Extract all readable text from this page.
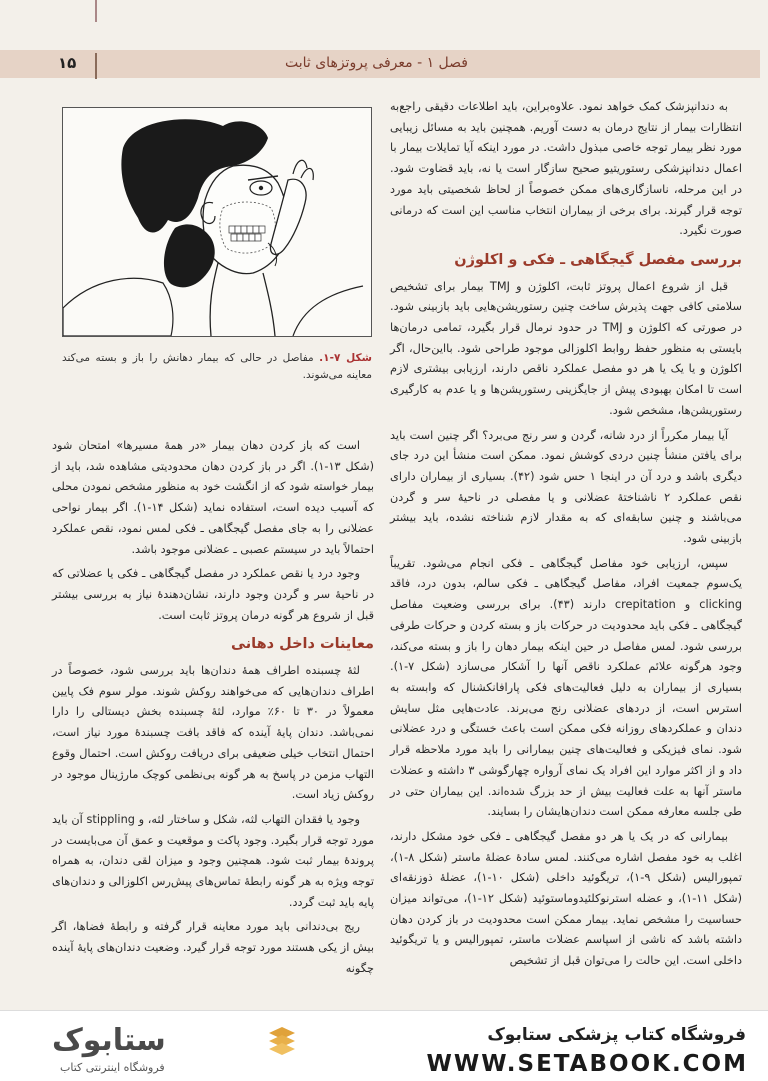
۱۵	فصل ۱ - معرفی پروتزهای ثابت
شکل ۷-۱. مفاصل در حالی که بیمار دهانش را باز و بسته می‌کند معاینه می‌شوند.

به دندانپزشک کمک خواهد نمود. علاوه‌براین، باید اطلاعات دقیقی راجع‌به انتظارات بیمار از نتایج درمان به دست آوریم. همچنین باید به مسائل زیبایی مورد نظر بیمار توجه خاصی مبذول داشت. در مورد اینکه آیا تمایلات بیمار با اعمال دندانپزشکی رستوریتیو صحیح سازگار است یا نه، باید قضاوت شود. در این مرحله، ناسازگاری‌های ممکن خصوصاً از لحاظ شخصیتی باید مورد توجه قرار گیرند. برای برخی از بیماران انتخاب مناسب این است که درمانی صورت نگیرد.

بررسی مفصل گیجگاهی ـ فکی و اکلوژن

قبل از شروع اعمال پروتز ثابت، اکلوژن و TMJ بیمار برای تشخیص سلامتی کافی جهت پذیرش ساخت چنین رستوریشن‌هایی باید بازبینی شود. در صورتی که اکلوژن و TMJ در حدود نرمال قرار بگیرد، تمامی درمان‌ها بایستی به منظور حفظ روابط اکلوزالی موجود طراحی شود. بااین‌حال، اگر اکلوژن و یا یک یا هر دو مفصل عملکرد ناقص دارند، ارزیابی بیشتری لازم است تا امکان بهبودی پیش از جایگزینی رستوریشن‌ها و یا عدم به کارگیری رستوریشن‌ها، مشخص شود.

آیا بیمار مکرراً از درد شانه، گردن و سر رنج می‌برد؟ اگر چنین است باید برای یافتن منشأ چنین دردی کوشش نمود. ممکن است منشأ این درد جای دیگری باشد و درد آن در اینجا ۱ حس شود (۴۲). بسیاری از بیماران دارای نقص عملکرد ۲ ناشناختهٔ عضلانی و یا مفصلی در ناحیهٔ سر و گردن می‌باشند و چنین سابقه‌ای که به مقدار لازم شناخته نشده، باید بیشتر بازبینی شود.

سپس، ارزیابی خود مفاصل گیجگاهی ـ فکی انجام می‌شود. تقریباً یک‌سوم جمعیت افراد، مفاصل گیجگاهی ـ فکی سالم، بدون درد، فاقد clicking و crepitation دارند (۴۳). برای بررسی وضعیت مفاصل گیجگاهی ـ فکی باید محدودیت در حرکات باز و بسته کردن و حرکات طرفی بررسی شود. لمس مفاصل در حین اینکه بیمار دهان را باز و بسته می‌کند، وجود هرگونه علائم عملکرد ناقص آنها را آشکار می‌سازد (شکل ۷-۱). بسیاری از بیماران به دلیل فعالیت‌های فکی پارافانکشنال که وابسته به استرس است، از دردهای عضلانی رنج می‌برند. عادت‌هایی مثل سایش دندان و عملکردهای روزانه فکی ممکن است باعث خستگی و درد عضلانی شود. نمای فیزیکی و فعالیت‌های چنین بیمارانی را باید مورد ملاحظه قرار داد و از اکثر موارد این افراد یک نمای آرواره چهارگوشی ۳ داشته و عضلات ماستر آنها به علت فعالیت بیش از حد بزرگ شده‌اند. این بیماران حتی در طی جلسه معارفه ممکن است دندان‌هایشان را بسایند.

بیمارانی که در یک یا هر دو مفصل گیجگاهی ـ فکی خود مشکل دارند، اغلب به خود مفصل اشاره می‌کنند. لمس سادهٔ عضلهٔ ماستر (شکل ۸-۱)، تمپورالیس (شکل ۹-۱)، تریگوئید داخلی (شکل ۱۰-۱)، عضلهٔ ذوزنقه‌ای (شکل ۱۱-۱)، و عضله استرنوکلئیدوماستوئید (شکل ۱۲-۱)، می‌تواند میزان حساسیت را مشخص نماید. بیمار ممکن است محدودیت در باز کردن دهان داشته باشد که ناشی از اسپاسم عضلات ماستر، تمپورالیس و یا تریگوئید داخلی است. این حالت را می‌توان قبل از تشخیص

است که باز کردن دهان بیمار «در همهٔ مسیرها» امتحان شود (شکل ۱۳-۱). اگر در باز کردن دهان محدودیتی مشاهده شد، باید از بیمار خواسته شود که از انگشت خود به منظور مشخص نمودن محلی که آسیب دیده است، استفاده نماید (شکل ۱۴-۱). اگر بیمار نواحی عضلانی را به جای مفصل گیجگاهی ـ فکی لمس نمود، نقص عملکرد احتمالاً باید در سیستم عصبی ـ عضلانی موجود باشد.

وجود درد یا نقص عملکرد در مفصل گیجگاهی ـ فکی یا عضلاتی که در ناحیهٔ سر و گردن وجود دارند، نشان‌دهندهٔ نیاز به بررسی بیشتر قبل از شروع هر گونه درمان پروتز ثابت است.

معاینات داخل دهانی

لثهٔ چسبنده اطراف همهٔ دندان‌ها باید بررسی شود، خصوصاً در اطراف دندان‌هایی که می‌خواهند روکش شوند. مولر سوم فک پایین معمولاً در ۳۰ تا ۶۰٪ موارد، لثهٔ چسبنده بخش دیستالی را دارا نمی‌باشد. دندان پایهٔ آینده که فاقد بافت چسبندهٔ مورد نیاز است، احتمال انتخاب خیلی ضعیفی برای دریافت روکش است. احتمال وقوع التهاب مزمن در پاسخ به هر گونه بی‌نظمی کوچک مارژینال موجود در روکش زیاد است.

وجود یا فقدان التهاب لثه، شکل و ساختار لثه، و stippling آن باید مورد توجه قرار بگیرد. وجود پاکت و موقعیت و عمق آن می‌بایست در پروندهٔ بیمار ثبت شود. همچنین وجود و میزان لقی دندان، به همراه توجه ویژه به هر گونه رابطهٔ تماس‌های پیش‌رس اکلوزالی و دندان‌های پایه باید ثبت گردد.

ریج بی‌دندانی باید مورد معاینه قرار گرفته و رابطهٔ فضاها، اگر بیش از یکی هستند مورد توجه قرار گیرد. وضعیت دندان‌های پایهٔ آینده چگونه

ستابوک
فروشگاه اینترنتی کتاب
فروشگاه کتاب پزشکی ستابوک
WWW.SETABOOK.COM
